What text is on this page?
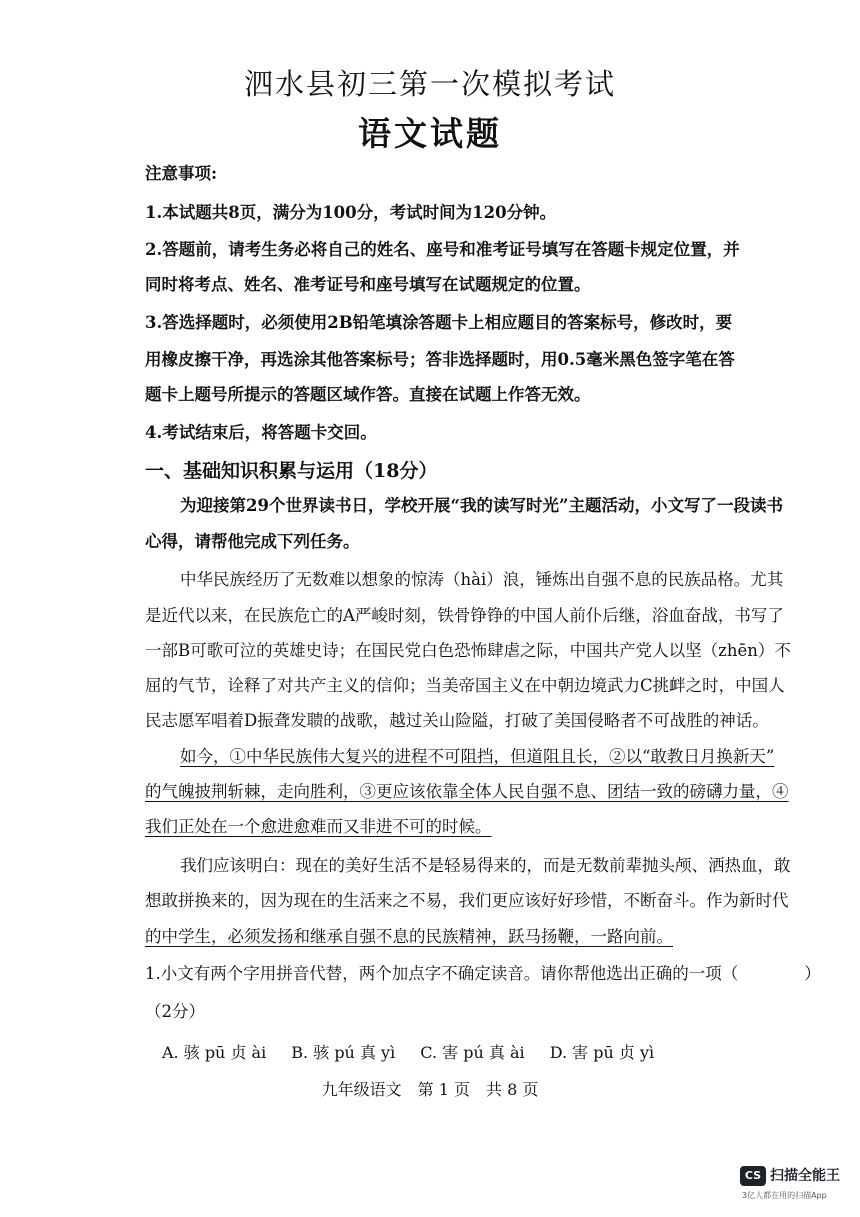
泗水县初三第一次模拟考试
语文试题
注意事项:
1.本试题共8页，满分为100分，考试时间为120分钟。
2.答题前，请考生务必将自己的姓名、座号和准考证号填写在答题卡规定位置，并
同时将考点、姓名、准考证号和座号填写在试题规定的位置。
3.答选择题时，必须使用2B铅笔填涂答题卡上相应题目的答案标号，修改时，要
用橡皮擦干净，再选涂其他答案标号；答非选择题时，用0.5毫米黑色签字笔在答
题卡上题号所提示的答题区域作答。直接在试题上作答无效。
4.考试结束后，将答题卡交回。
一、基础知识积累与运用（18分）
为迎接第29个世界读书日，学校开展“我的读写时光”主题活动，小文写了一段读书
心得，请帮他完成下列任务。
中华民族经历了无数难以想象的惊涛（hài）浪，锤炼出自强不息的民族品格。尤其
是近代以来，在民族危亡的A严峻时刻，铁骨铮铮的中国人前仆后继，浴血奋战，书写了
一部B可歌可泣的英雄史诗；在国民党白色恐怖肆虐之际，中国共产党人以坚（zhēn）不
屈的气节，诠释了对共产主义的信仰；当美帝国主义在中朝边境武力C挑衅之时，中国人
民志愿军唱着D振聋发聩的战歌，越过关山险隘，打破了美国侵略者不可战胜的神话。
如今，①中华民族伟大复兴的进程不可阻挡，但道阻且长，②以“敢教日月换新天”
的气魄披荆斩棘，走向胜利，③更应该依靠全体人民自强不息、团结一致的磅礴力量，④
我们正处在一个愈进愈难而又非进不可的时候。
我们应该明白：现在的美好生活不是轻易得来的，而是无数前辈抛头颅、洒热血，敢
想敢拼换来的，因为现在的生活来之不易，我们更应该好好珍惜，不断奋斗。作为新时代
的中学生，必须发扬和继承自强不息的民族精神，跃马扬鞭，一路向前。
1.小文有两个字用拼音代替，两个加点字不确定读音。请你帮他选出正确的一项（　　　　）
（2分）
A. 骇 pū 贞 ài B. 骇 pú 真 yì C. 害 pú 真 ài D. 害 pū 贞 yì
九年级语文　第 1 页　共 8 页
CS 扫描全能王
3亿人都在用的扫描App
